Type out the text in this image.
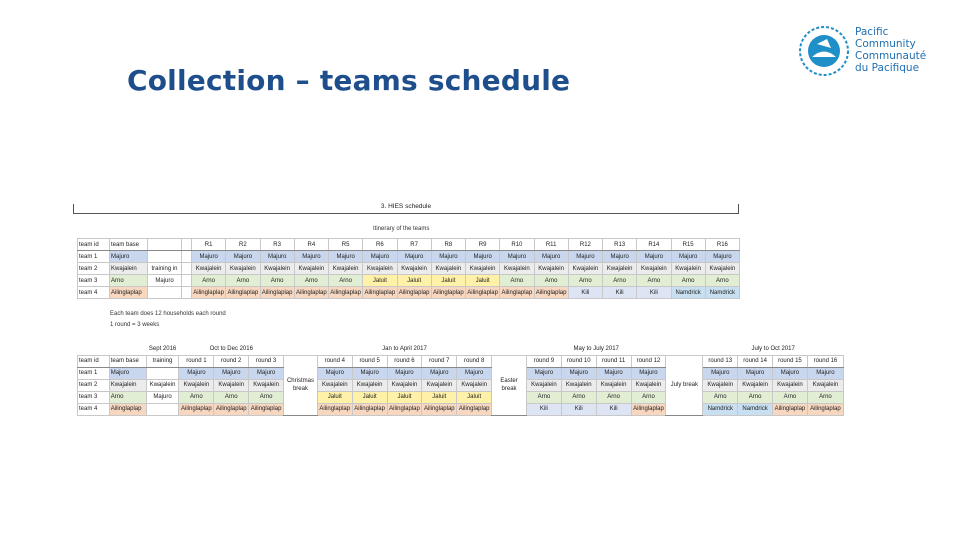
Collection – teams schedule
Pacific
Community
Communauté
du Pacifique
3. HIES schedule
Itinerary of the teams
team id	team base			R1	R2	R3	R4	R5	R6	R7	R8	R9	R10	R11	R12	R13	R14	R15	R16
team 1	Majuro			Majuro	Majuro	Majuro	Majuro	Majuro	Majuro	Majuro	Majuro	Majuro	Majuro	Majuro	Majuro	Majuro	Majuro	Majuro	Majuro
team 2	Kwajalein	training in		Kwajalein	Kwajalein	Kwajalein	Kwajalein	Kwajalein	Kwajalein	Kwajalein	Kwajalein	Kwajalein	Kwajalein	Kwajalein	Kwajalein	Kwajalein	Kwajalein	Kwajalein	Kwajalein
team 3	Arno	Majuro		Arno	Arno	Arno	Arno	Arno	Jaluit	Jaluit	Jaluit	Jaluit	Arno	Arno	Arno	Arno	Arno	Arno	Arno
team 4	Ailinglaplap			Ailinglaplap	Ailinglaplap	Ailinglaplap	Ailinglaplap	Ailinglaplap	Ailinglaplap	Ailinglaplap	Ailinglaplap	Ailinglaplap	Ailinglaplap	Ailinglaplap	Kili	Kili	Kili	Namdrick	Namdrick
Each team does 12 households each round
1 round = 3 weeks
		Sept 2016	Oct to Dec 2016				Jan to April 2017						May to July 2017					July to Oct 2017			
team id	team base	training	round 1	round 2	round 3	Christmas break	round 4	round 5	round 6	round 7	round 8	Easter break	round 9	round 10	round 11	round 12	July break	round 13	round 14	round 15	round 16
team 1	Majuro		Majuro	Majuro	Majuro		Majuro	Majuro	Majuro	Majuro	Majuro		Majuro	Majuro	Majuro	Majuro		Majuro	Majuro	Majuro	Majuro
team 2	Kwajalein	Kwajalein	Kwajalein	Kwajalein	Kwajalein		Kwajalein	Kwajalein	Kwajalein	Kwajalein	Kwajalein		Kwajalein	Kwajalein	Kwajalein	Kwajalein		Kwajalein	Kwajalein	Kwajalein	Kwajalein
team 3	Arno	Majuro	Arno	Arno	Arno		Jaluit	Jaluit	Jaluit	Jaluit	Jaluit		Arno	Arno	Arno	Arno		Arno	Arno	Arno	Arno
team 4	Ailinglaplap		Ailinglaplap	Ailinglaplap	Ailinglaplap		Ailinglaplap	Ailinglaplap	Ailinglaplap	Ailinglaplap	Ailinglaplap		Kili	Kili	Kili	Ailinglaplap		Namdrick	Namdrick	Ailinglaplap	Ailinglaplap
